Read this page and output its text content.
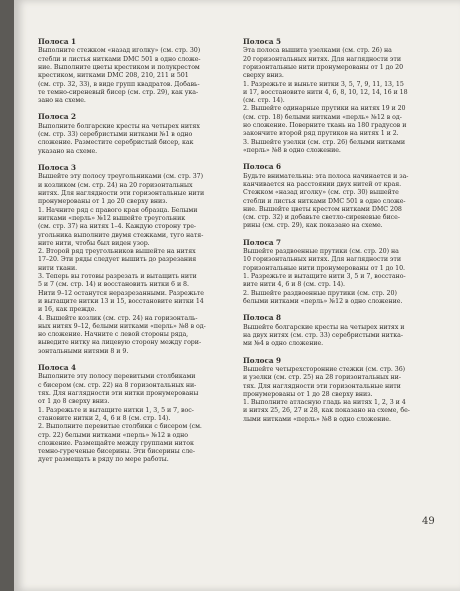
Полоса 1

Выполните стежком «назад иголку» (см. стр. 30)
стебли и листья нитками DMC 501 в одно сложе-
ние. Выполните цветы крестиком и полукрестом
крестиком, нитками DMC 208, 210, 211 и 501
(см. стр. 32, 33), в виде групп квадратов. Добавь-
те темно-сиреневый бисер (см. стр. 29), как ука-
зано на схеме.

Полоса 2

Выполните болгарские кресты на четырех нитях
(см. стр. 33) серебристыми нитками №1 в одно
сложение. Разместите серебристый бисер, как
указано на схеме.

Полоса 3

Вышейте эту полосу треугольниками (см. стр. 37)
и козликом (см. стр. 24) на 20 горизонтальных
нитях. Для наглядности эти горизонтальные нити
пронумерованы от 1 до 20 сверху вниз.
1. Начните ряд с правого края образца. Белыми
нитками «перль» №12 вышейте треугольник
(см. стр. 37) на нитях 1–4. Каждую сторону тре-
угольника выполните двумя стежками, туго натя-
ните нити, чтобы был виден узор.
2. Второй ряд треугольников вышейте на нитях
17–20. Эти ряды следует вышить до разрезания
нити ткани.
3. Теперь вы готовы разрезать и вытащить нити
5 и 7 (см. стр. 14) и восстановить нитки 6 и 8.
Нити 9–12 останутся неразрезанными. Разрежьте
и вытащите нитки 13 и 15, восстановите нитки 14
и 16, как прежде.
4. Вышейте козлик (см. стр. 24) на горизонталь-
ных нитях 9–12, белыми нитками «перль» №8 в од-
но сложение. Начните с левой стороны ряда,
выведите нитку на лицевую сторону между гори-
зонтальными нитями 8 и 9.

Полоса 4

Выполните эту полосу перевитыми столбиками
с бисером (см. стр. 22) на 8 горизонтальных ни-
тях. Для наглядности эти нитки пронумерованы
от 1 до 8 сверху вниз.
1. Разрежьте и вытащите нитки 1, 3, 5 и 7, вос-
становите нитки 2, 4, 6 и 8 (см. стр. 14).
2. Выполните перевитые столбики с бисером (см.
стр. 22) белыми нитками «перль» №12 в одно
сложение. Размещайте между группами ниток
темно-гуреченые бисерины. Эти бисерины сле-
дует размещать в ряду по мере работы.

Полоса 5

Эта полоса вышита узелками (см. стр. 26) на
20 горизонтальных нитях. Для наглядности эти
горизонтальные нити пронумерованы от 1 до 20
сверху вниз.
1. Разрежьте и выньте нитки 3, 5, 7, 9, 11, 13, 15
и 17, восстановите нити 4, 6, 8, 10, 12, 14, 16 и 18
(см. стр. 14).
2. Вышейте одинарные прутики на нитях 19 и 20
(см. стр. 18) белыми нитками «перль» №12 в од-
но сложение. Поверните ткань на 180 градусов и
закончите второй ряд прутиков на нитях 1 и 2.
3. Вышейте узелки (см. стр. 26) белыми нитками
«перль» №8 в одно сложение.

Полоса 6

Будьте внимательны: эта полоса начинается и за-
канчивается на расстоянии двух нитей от края.
Стежком «назад иголку» (см. стр. 30) вышейте
стебли и листья нитками DMC 501 в одно сложе-
ние. Вышейте цветы крестом нитками DMC 208
(см. стр. 32) и добавьте светло-сиреневые бисе-
рины (см. стр. 29), как показано на схеме.

Полоса 7

Вышейте раздвоенные прутики (см. стр. 20) на
10 горизонтальных нитях. Для наглядности эти
горизонтальные нити пронумерованы от 1 до 10.
1. Разрежьте и вытащите нити 3, 5 и 7, восстано-
вите нити 4, 6 и 8 (см. стр. 14).
2. Вышейте раздвоенные прутики (см. стр. 20)
белыми нитками «перль» №12 в одно сложение.

Полоса 8

Вышейте болгарские кресты на четырех нитях и
на двух нитях (см. стр. 33) серебристыми нитка-
ми №4 в одно сложение.

Полоса 9

Вышейте четырехсторонние стежки (см. стр. 36)
и узелки (см. стр. 25) на 28 горизонтальных ни-
тях. Для наглядности эти горизонтальные нити
пронумерованы от 1 до 28 сверху вниз.
1. Выполните атласную гладь на нитях 1, 2, 3 и 4
и нитях 25, 26, 27 и 28, как показано на схеме, бе-
лыми нитками «перль» №8 в одно сложение.

49
